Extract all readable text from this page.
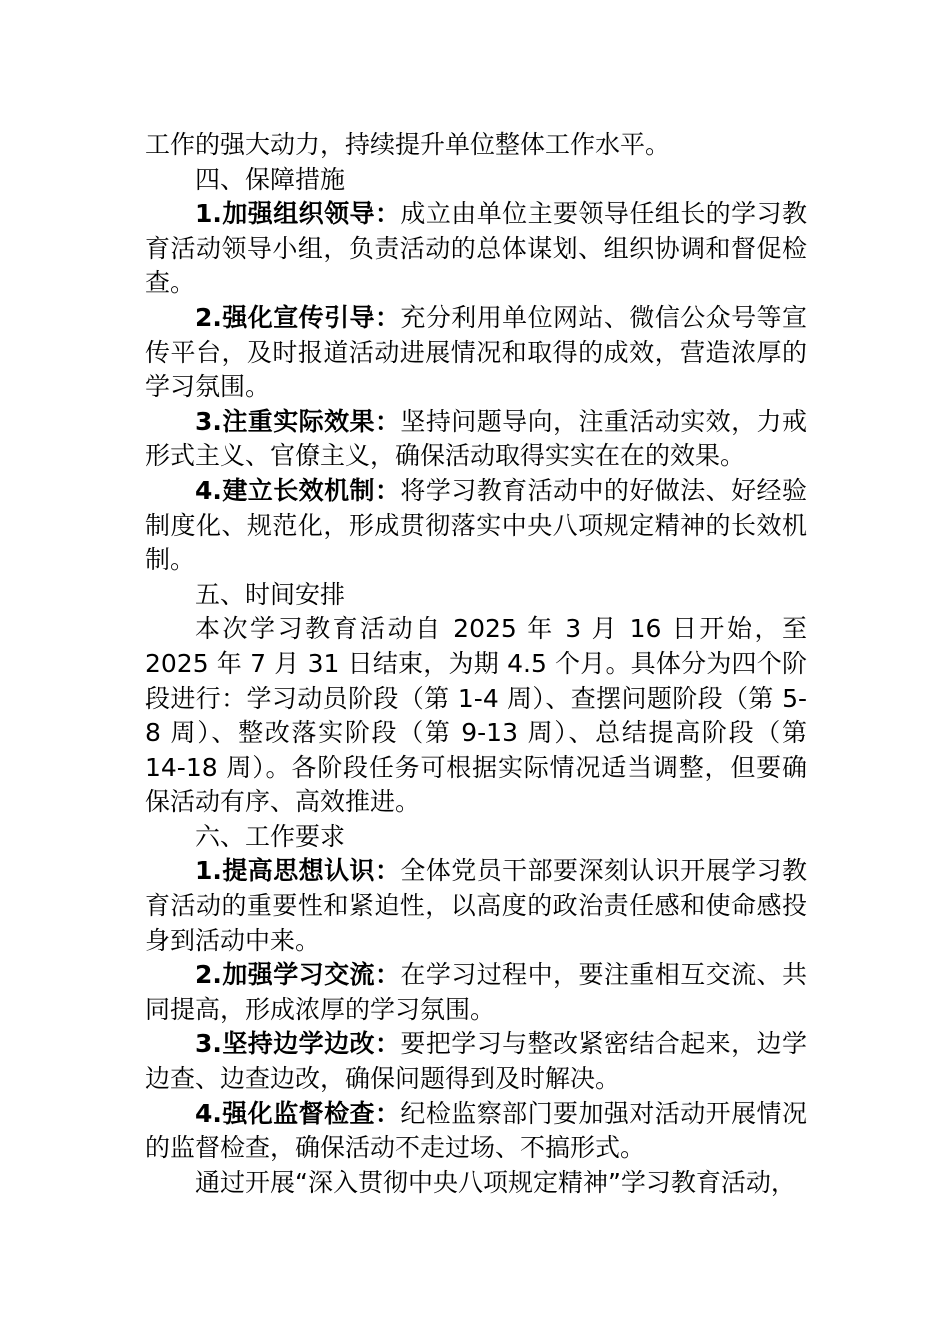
工作的强大动力，持续提升单位整体工作水平。

四、保障措施

1.加强组织领导：成立由单位主要领导任组长的学习教育活动领导小组，负责活动的总体谋划、组织协调和督促检查。

2.强化宣传引导：充分利用单位网站、微信公众号等宣传平台，及时报道活动进展情况和取得的成效，营造浓厚的学习氛围。

3.注重实际效果：坚持问题导向，注重活动实效，力戒形式主义、官僚主义，确保活动取得实实在在的效果。

4.建立长效机制：将学习教育活动中的好做法、好经验制度化、规范化，形成贯彻落实中央八项规定精神的长效机制。

五、时间安排

本次学习教育活动自 2025 年 3 月 16 日开始，至 2025 年 7 月 31 日结束，为期 4.5 个月。具体分为四个阶段进行：学习动员阶段（第 1-4 周）、查摆问题阶段（第 5-8 周）、整改落实阶段（第 9-13 周）、总结提高阶段（第 14-18 周）。各阶段任务可根据实际情况适当调整，但要确保活动有序、高效推进。

六、工作要求

1.提高思想认识：全体党员干部要深刻认识开展学习教育活动的重要性和紧迫性，以高度的政治责任感和使命感投身到活动中来。

2.加强学习交流：在学习过程中，要注重相互交流、共同提高，形成浓厚的学习氛围。

3.坚持边学边改：要把学习与整改紧密结合起来，边学边查、边查边改，确保问题得到及时解决。

4.强化监督检查：纪检监察部门要加强对活动开展情况的监督检查，确保活动不走过场、不搞形式。

通过开展“深入贯彻中央八项规定精神”学习教育活动，
